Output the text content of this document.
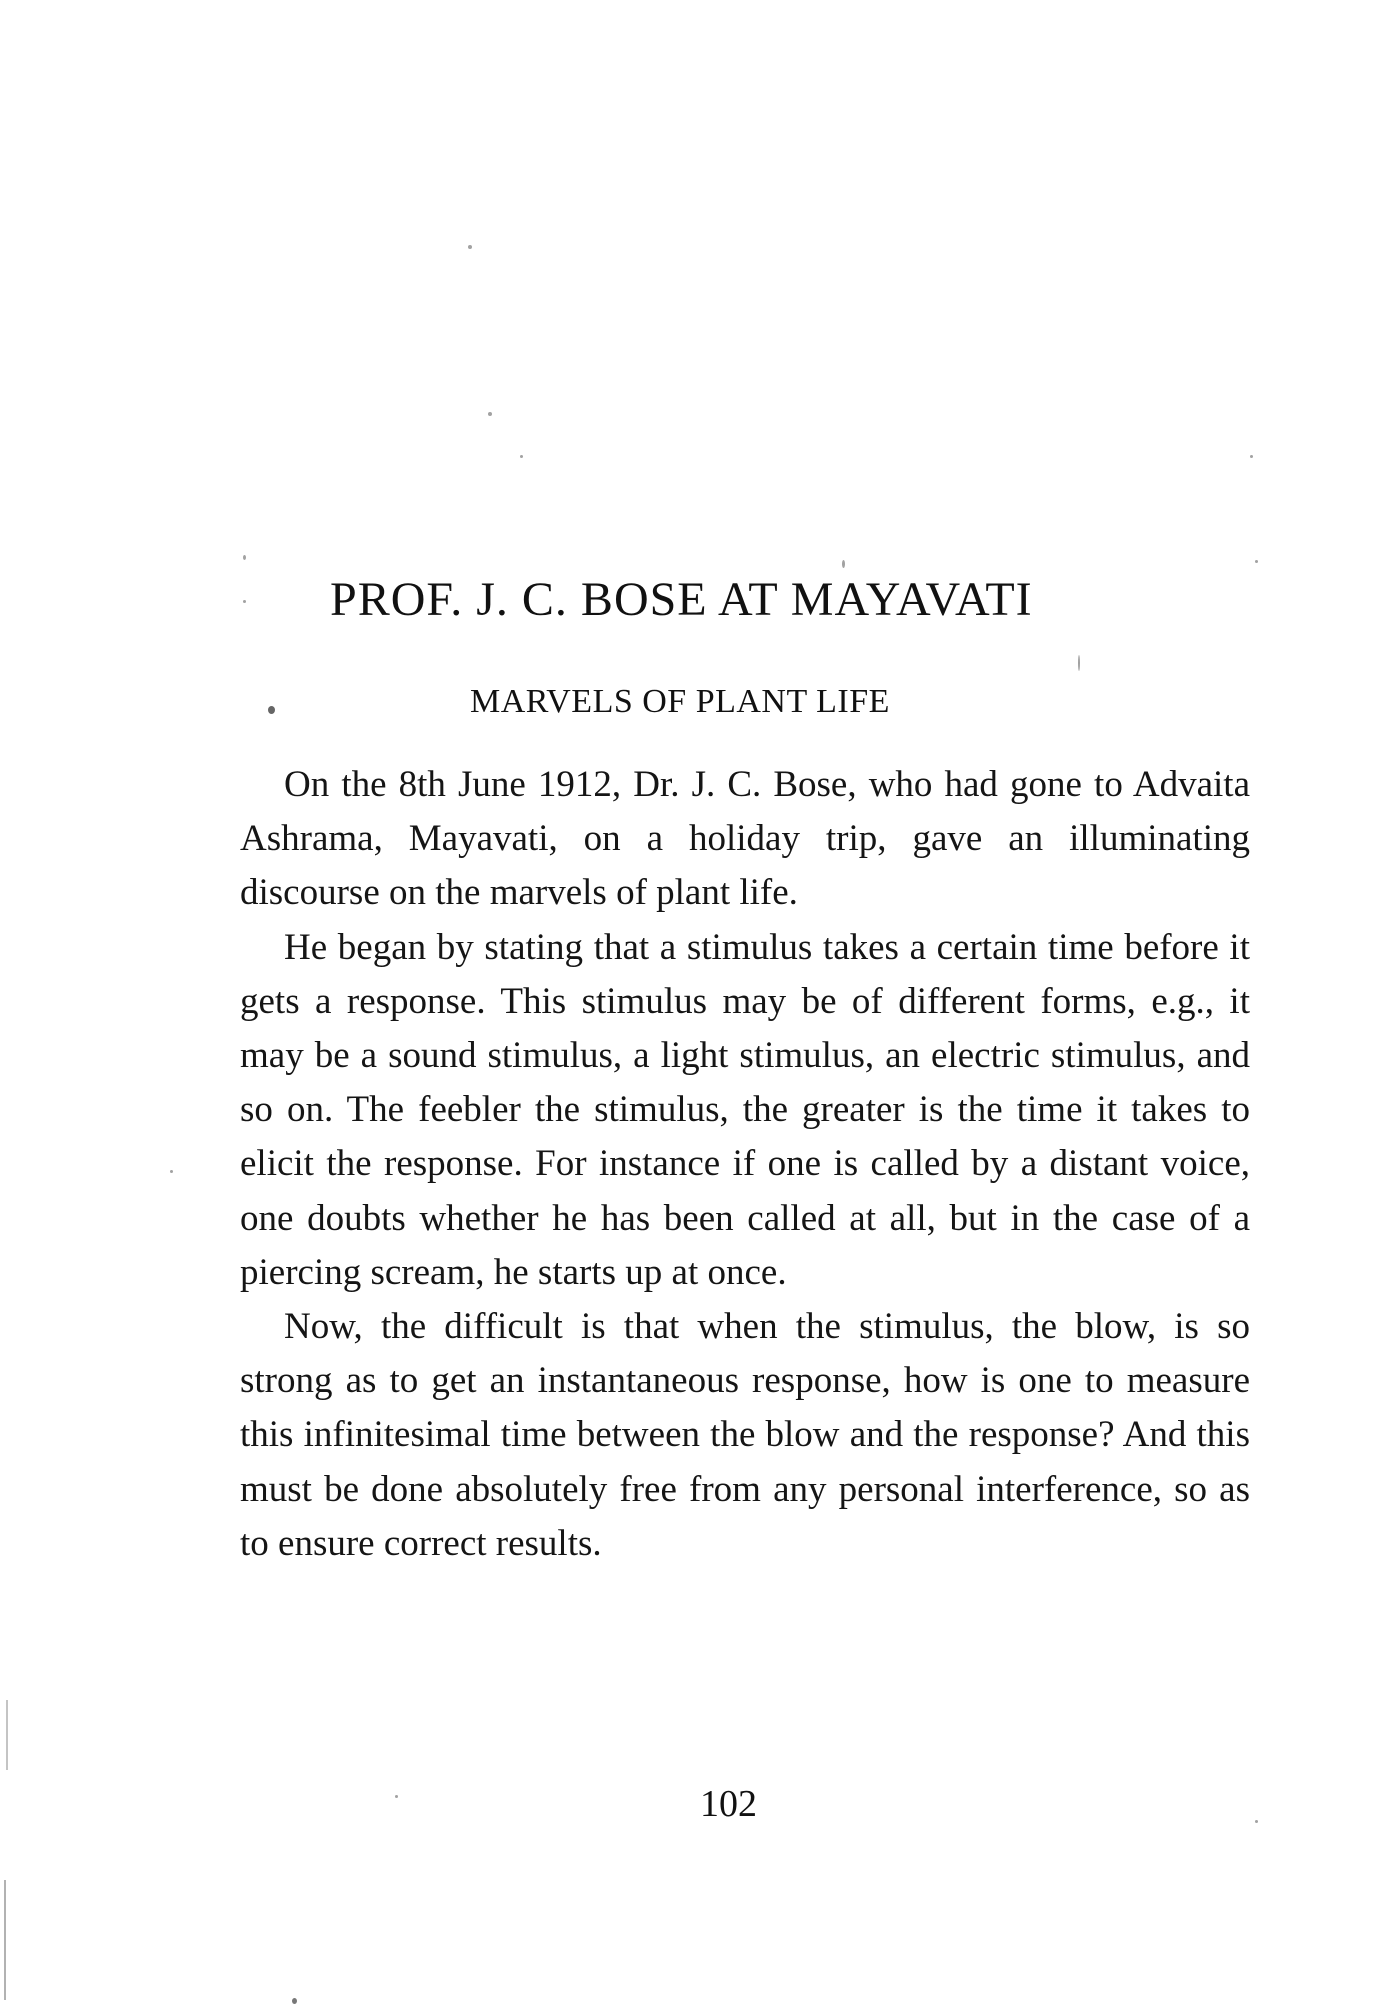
PROF. J. C. BOSE AT MAYAVATI
MARVELS OF PLANT LIFE

On the 8th June 1912, Dr. J. C. Bose, who had gone to Advaita Ashrama, Mayavati, on a holiday trip, gave an illuminating discourse on the marvels of plant life.

He began by stating that a stimulus takes a certain time before it gets a response. This stimulus may be of different forms, e.g., it may be a sound stimulus, a light stimulus, an electric stimulus, and so on. The feebler the stimulus, the greater is the time it takes to elicit the response. For instance if one is called by a distant voice, one doubts whether he has been called at all, but in the case of a piercing scream, he starts up at once.

Now, the difficult is that when the stimulus, the blow, is so strong as to get an instantaneous response, how is one to measure this infinitesimal time between the blow and the response? And this must be done absolutely free from any personal interference, so as to ensure correct results.

102
